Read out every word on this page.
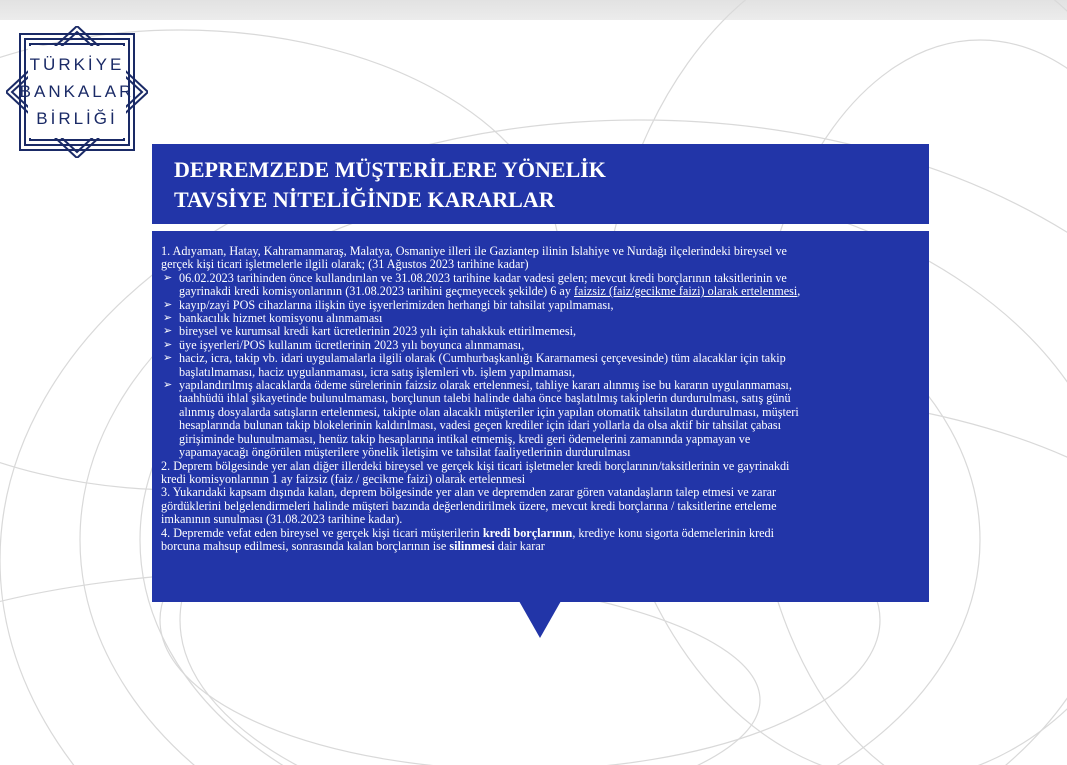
TÜRKİYE
BANKALAR
BİRLİĞİ
DEPREMZEDE MÜŞTERİLERE YÖNELİK
TAVSİYE NİTELİĞİNDE KARARLAR
1. Adıyaman, Hatay, Kahramanmaraş, Malatya, Osmaniye illeri ile Gaziantep ilinin Islahiye ve Nurdağı ilçelerindeki bireysel ve
gerçek kişi ticari işletmelerle ilgili olarak; (31 Ağustos 2023 tarihine kadar)
➢ 06.02.2023 tarihinden önce kullandırılan ve 31.08.2023 tarihine kadar vadesi gelen; mevcut kredi borçlarının taksitlerinin ve
gayrinakdi kredi komisyonlarının (31.08.2023 tarihini geçmeyecek şekilde) 6 ay faizsiz (faiz/gecikme faizi) olarak ertelenmesi,
➢ kayıp/zayi POS cihazlarına ilişkin üye işyerlerimizden herhangi bir tahsilat yapılmaması,
➢ bankacılık hizmet komisyonu alınmaması
➢ bireysel ve kurumsal kredi kart ücretlerinin 2023 yılı için tahakkuk ettirilmemesi,
➢ üye işyerleri/POS kullanım ücretlerinin 2023 yılı boyunca alınmaması,
➢ haciz, icra, takip vb. idari uygulamalarla ilgili olarak (Cumhurbaşkanlığı Kararnamesi çerçevesinde) tüm alacaklar için takip
başlatılmaması, haciz uygulanmaması, icra satış işlemleri vb. işlem yapılmaması,
➢ yapılandırılmış alacaklarda ödeme sürelerinin faizsiz olarak ertelenmesi, tahliye kararı alınmış ise bu kararın uygulanmaması,
taahhüdü ihlal şikayetinde bulunulmaması, borçlunun talebi halinde daha önce başlatılmış takiplerin durdurulması, satış günü
alınmış dosyalarda satışların ertelenmesi, takipte olan alacaklı müşteriler için yapılan otomatik tahsilatın durdurulması, müşteri
hesaplarında bulunan takip blokelerinin kaldırılması, vadesi geçen krediler için idari yollarla da olsa aktif bir tahsilat çabası
girişiminde bulunulmaması, henüz takip hesaplarına intikal etmemiş, kredi geri ödemelerini zamanında yapmayan ve
yapamayacağı öngörülen müşterilere yönelik iletişim ve tahsilat faaliyetlerinin durdurulması
2. Deprem bölgesinde yer alan diğer illerdeki bireysel ve gerçek kişi ticari işletmeler kredi borçlarının/taksitlerinin ve gayrinakdi
kredi komisyonlarının 1 ay faizsiz (faiz / gecikme faizi) olarak ertelenmesi
3. Yukarıdaki kapsam dışında kalan, deprem bölgesinde yer alan ve depremden zarar gören vatandaşların talep etmesi ve zarar
gördüklerini belgelendirmeleri halinde müşteri bazında değerlendirilmek üzere, mevcut kredi borçlarına / taksitlerine erteleme
imkanının sunulması (31.08.2023 tarihine kadar).
4. Depremde vefat eden bireysel ve gerçek kişi ticari müşterilerin kredi borçlarının, krediye konu sigorta ödemelerinin kredi
borcuna mahsup edilmesi, sonrasında kalan borçlarının ise silinmesi dair karar
